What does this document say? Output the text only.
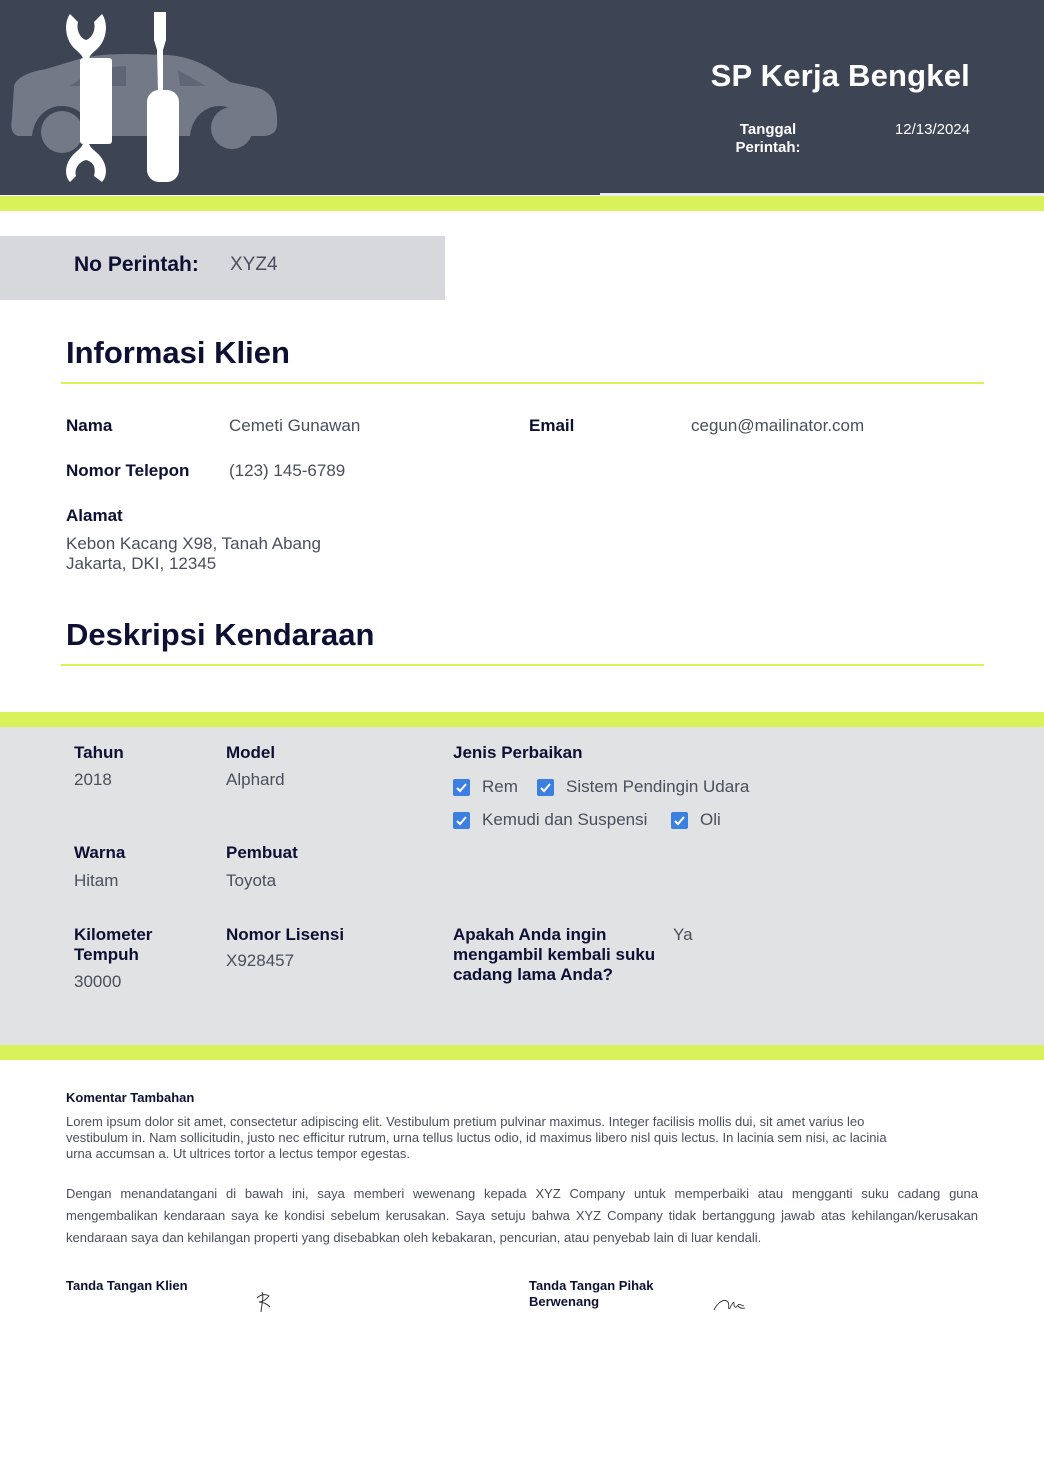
SP Kerja Bengkel
Tanggal Perintah:
12/13/2024
No Perintah: XYZ4
Informasi Klien
Nama	Cemeti Gunawan	Email	cegun@mailinator.com
Nomor Telepon (123) 145-6789
Alamat
Kebon Kacang X98, Tanah Abang
Jakarta, DKI, 12345
Deskripsi Kendaraan
Tahun
2018
Model
Alphard
Warna
Hitam
Pembuat
Toyota
Kilometer
Tempuh
30000
Nomor Lisensi
X928457
Jenis Perbaikan
Rem	Sistem Pendingin Udara
Kemudi dan Suspensi	Oli
Apakah Anda ingin
mengambil kembali suku
cadang lama Anda?
Ya
Komentar Tambahan
Lorem ipsum dolor sit amet, consectetur adipiscing elit. Vestibulum pretium pulvinar maximus. Integer facilisis mollis dui, sit amet varius leo
vestibulum in. Nam sollicitudin, justo nec efficitur rutrum, urna tellus luctus odio, id maximus libero nisl quis lectus. In lacinia sem nisi, ac lacinia
urna accumsan a. Ut ultrices tortor a lectus tempor egestas.
Dengan menandatangani di bawah ini, saya memberi wewenang kepada XYZ Company untuk memperbaiki atau mengganti suku cadang guna mengembalikan kendaraan saya ke kondisi sebelum kerusakan. Saya setuju bahwa XYZ Company tidak bertanggung jawab atas kehilangan/kerusakan kendaraan saya dan kehilangan properti yang disebabkan oleh kebakaran, pencurian, atau penyebab lain di luar kendali.
Tanda Tangan Klien	Tanda Tangan Pihak
Berwenang
